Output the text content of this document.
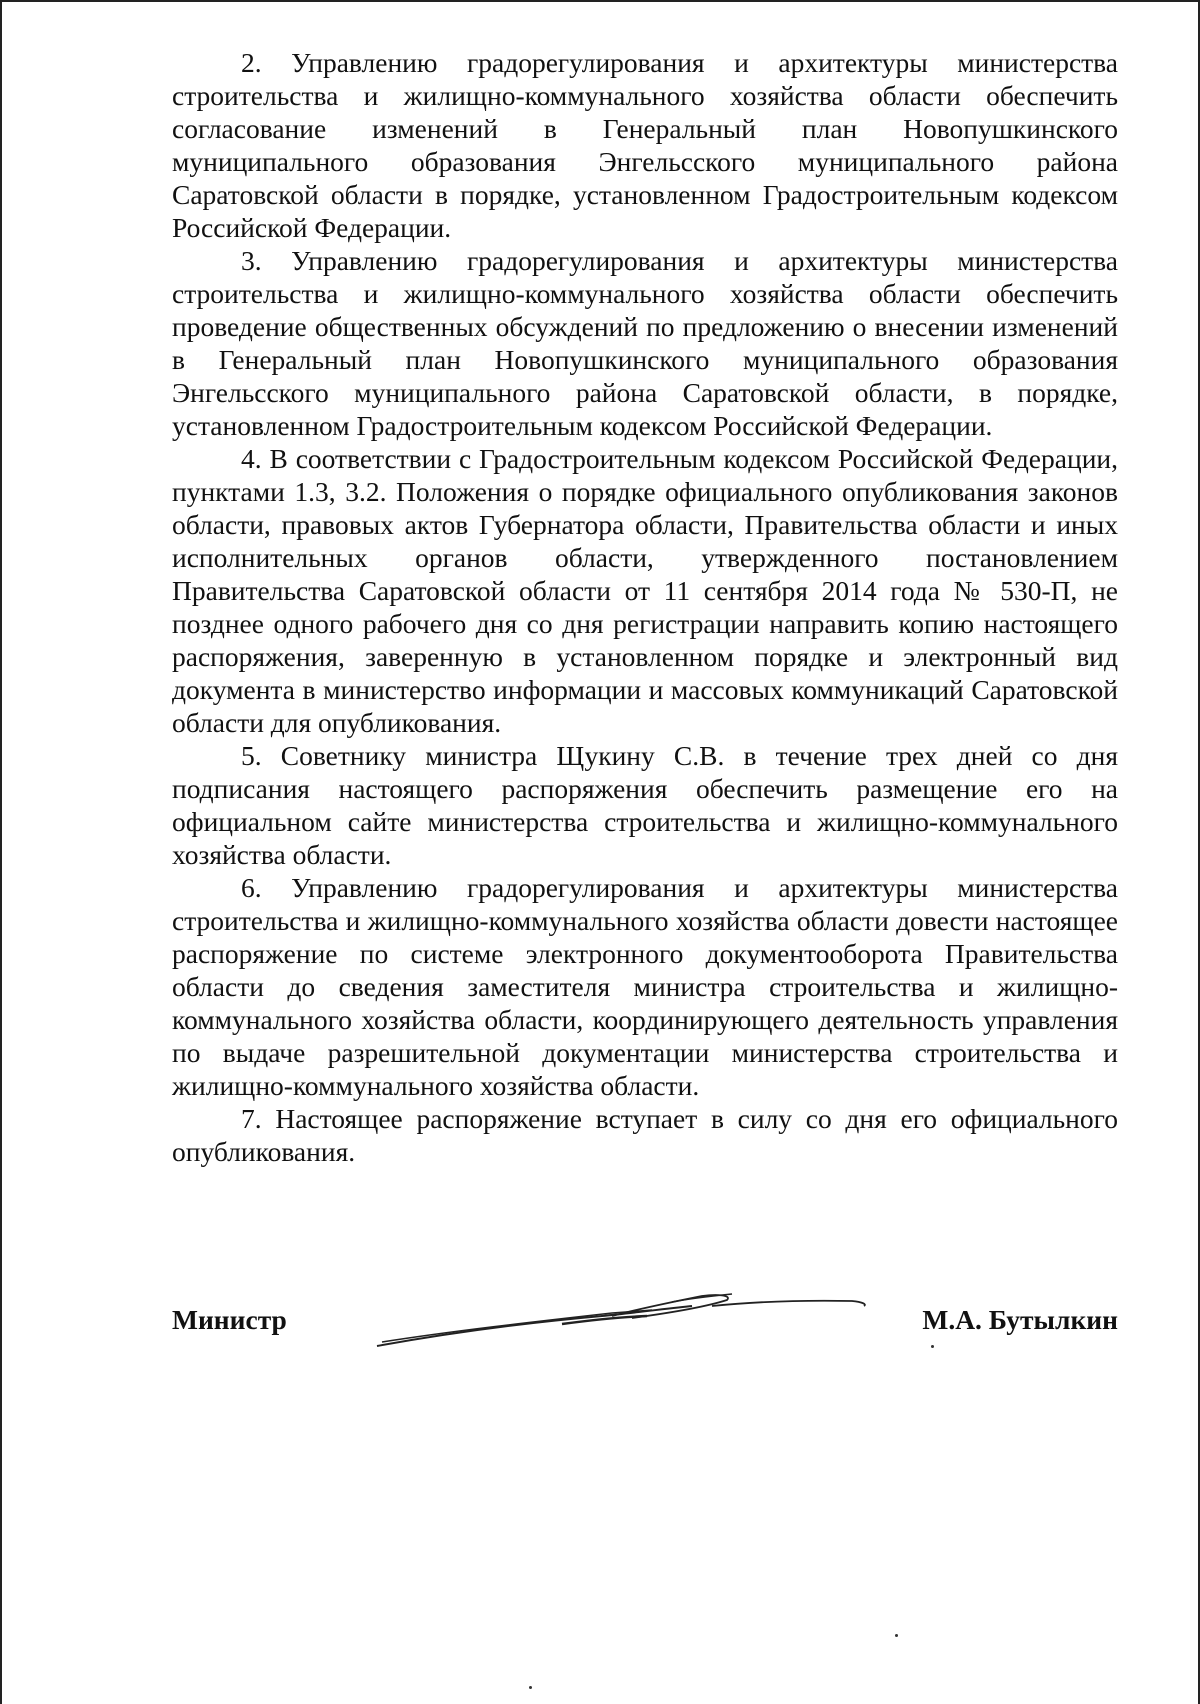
2. Управлению градорегулирования и архитектуры министерства строительства и жилищно-коммунального хозяйства области обеспечить согласование изменений в Генеральный план Новопушкинского муниципального образования Энгельсского муниципального района Саратовской области в порядке, установленном Градостроительным кодексом Российской Федерации.

3. Управлению градорегулирования и архитектуры министерства строительства и жилищно-коммунального хозяйства области обеспечить проведение общественных обсуждений по предложению о внесении изменений в Генеральный план Новопушкинского муниципального образования Энгельсского муниципального района Саратовской области, в порядке, установленном Градостроительным кодексом Российской Федерации.

4. В соответствии с Градостроительным кодексом Российской Федерации, пунктами 1.3, 3.2. Положения о порядке официального опубликования законов области, правовых актов Губернатора области, Правительства области и иных исполнительных органов области, утвержденного постановлением Правительства Саратовской области от 11 сентября 2014 года № 530-П, не позднее одного рабочего дня со дня регистрации направить копию настоящего распоряжения, заверенную в установленном порядке и электронный вид документа в министерство информации и массовых коммуникаций Саратовской области для опубликования.

5. Советнику министра Щукину С.В. в течение трех дней со дня подписания настоящего распоряжения обеспечить размещение его на официальном сайте министерства строительства и жилищно-коммунального хозяйства области.

6. Управлению градорегулирования и архитектуры министерства строительства и жилищно-коммунального хозяйства области довести настоящее распоряжение по системе электронного документооборота Правительства области до сведения заместителя министра строительства и жилищно-коммунального хозяйства области, координирующего деятельность управления по выдаче разрешительной документации министерства строительства и жилищно-коммунального хозяйства области.

7. Настоящее распоряжение вступает в силу со дня его официального опубликования.

Министр	М.А. Бутылкин
